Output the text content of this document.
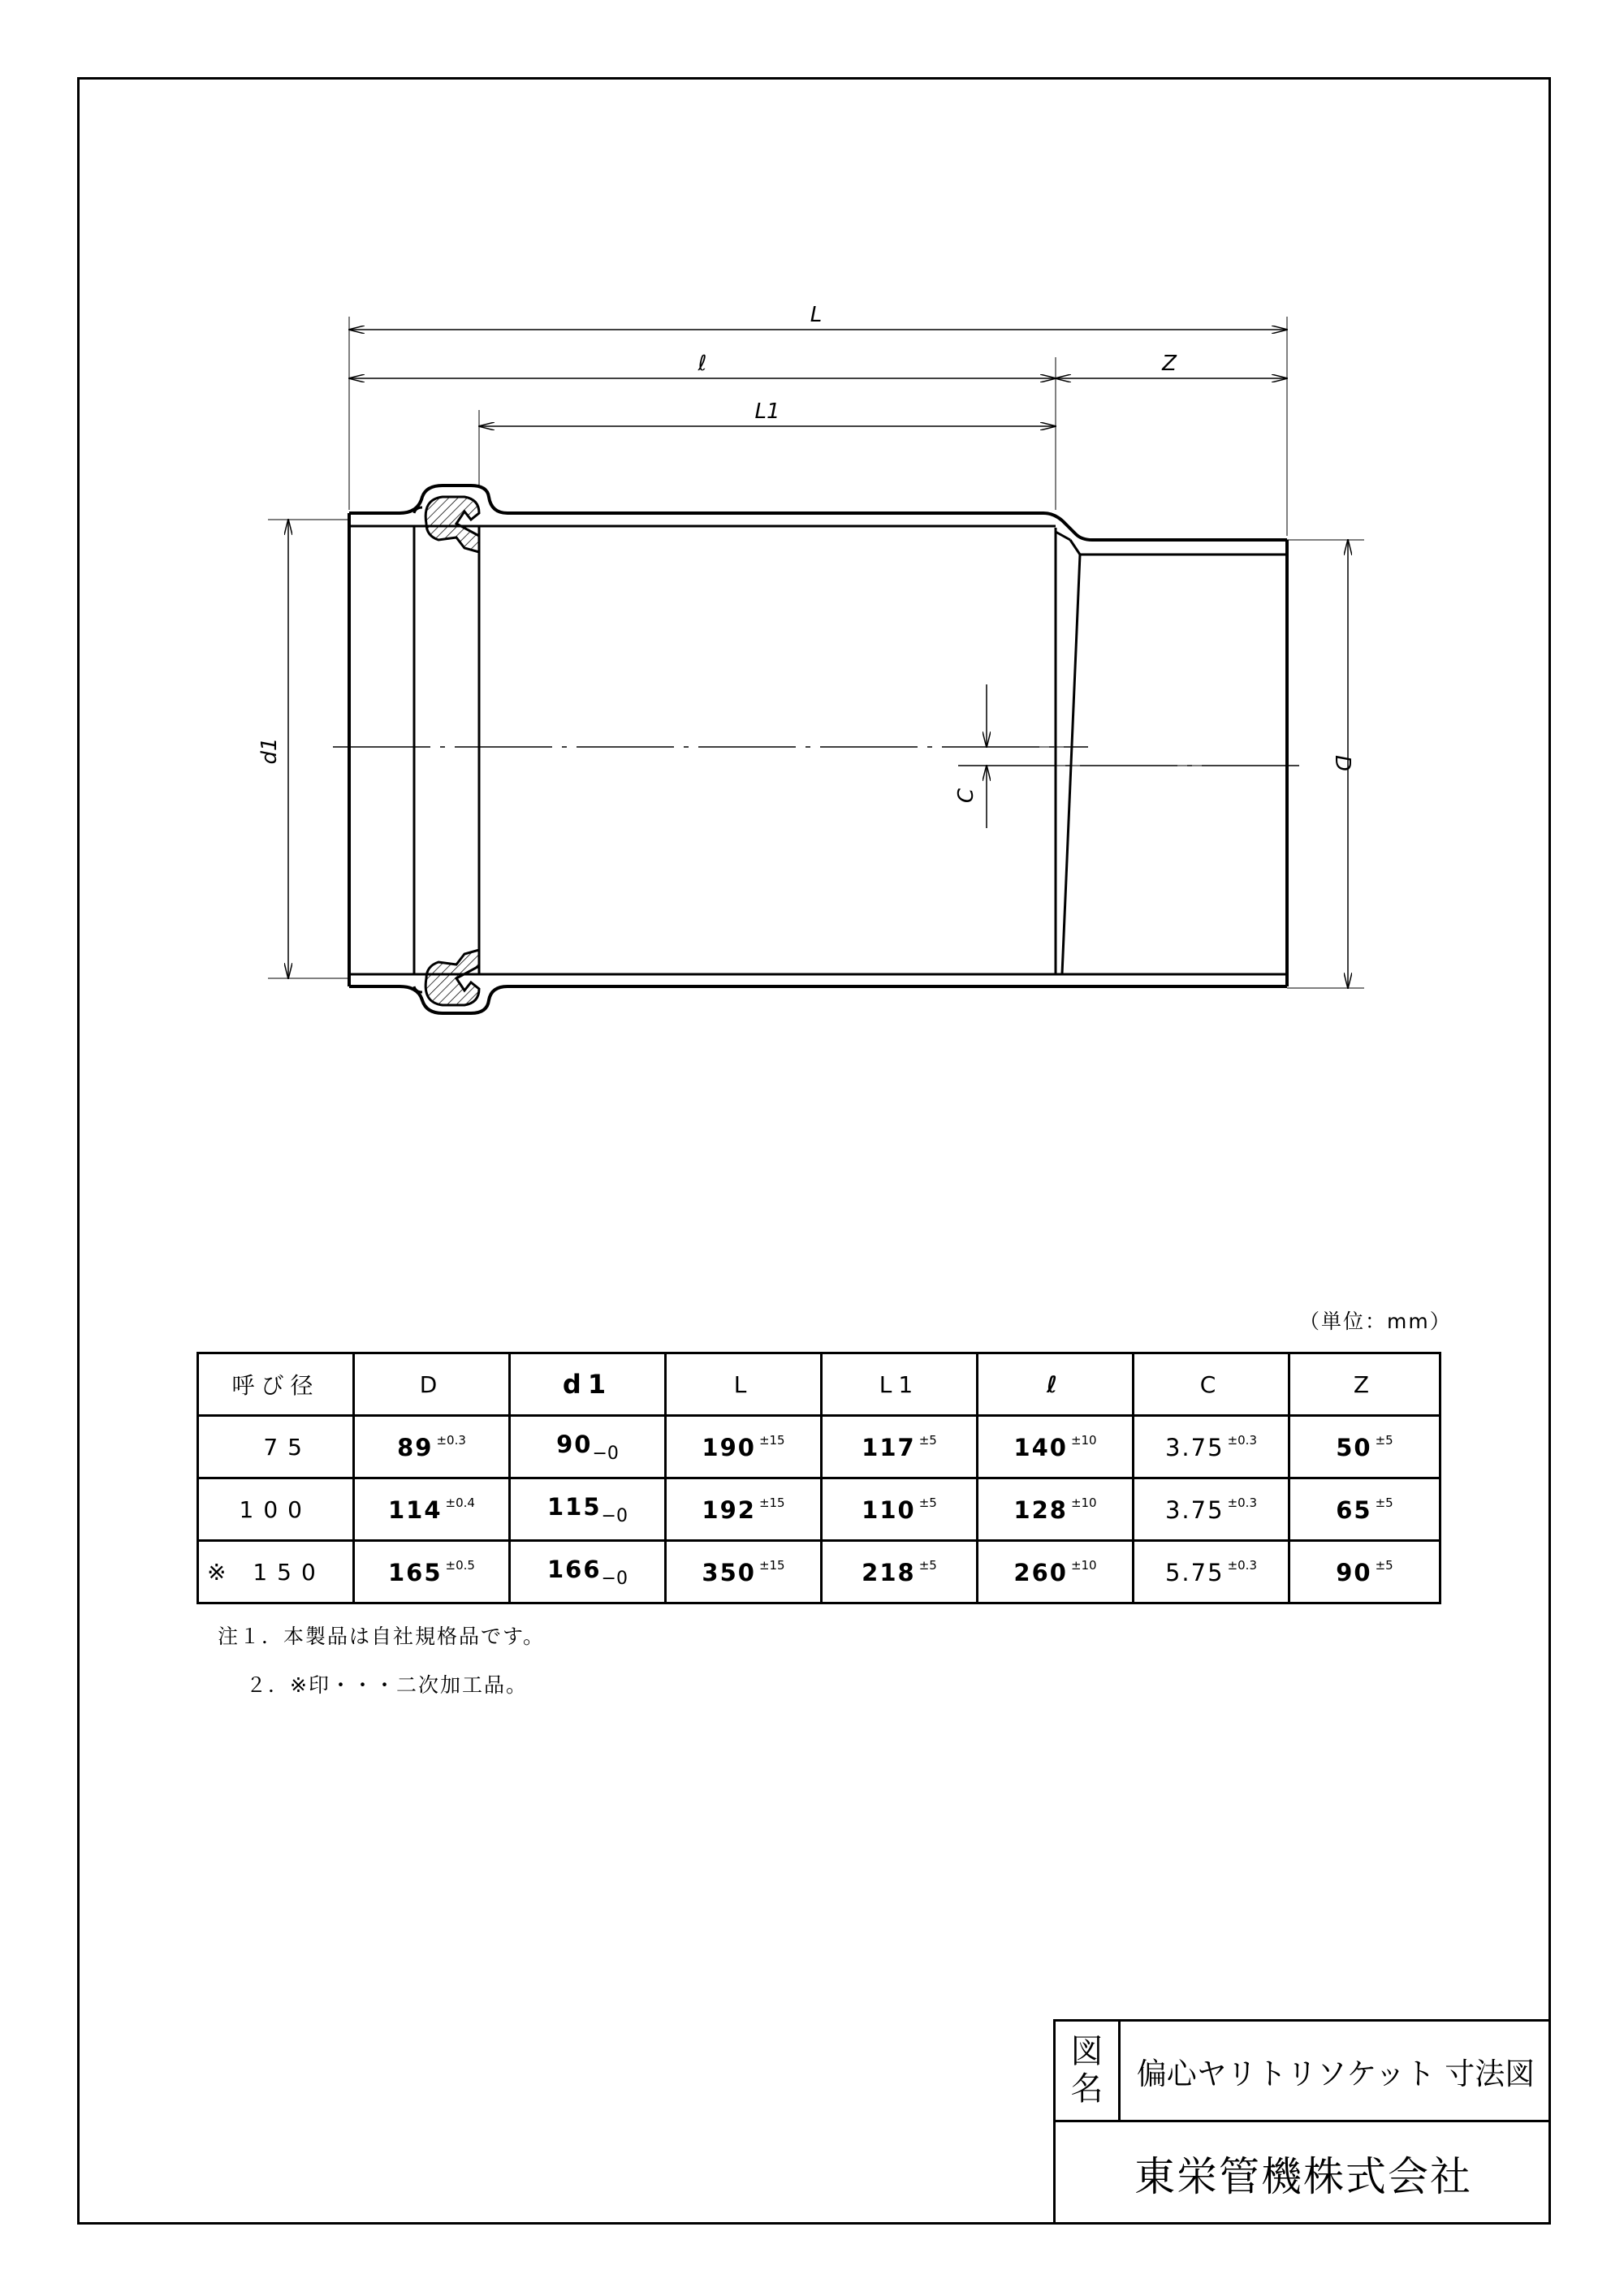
L
ℓ	Z
L1
d1	D
C
（単位：mm）
呼び径	D	d1	L	L1	ℓ	C	Z
75	89 $^{\pm 0.3}$	$90_{-0}$	190 $^{\pm 15}$	117 $^{\pm 5}$	140 $^{\pm 10}$	3.75 $^{\pm 0.3}$	50 $^{\pm 5}$
100	114 $^{\pm 0.4}$	$115_{-0}$	192 $^{\pm 15}$	110 $^{\pm 5}$	128 $^{\pm 10}$	3.75 $^{\pm 0.3}$	65 $^{\pm 5}$
※ 150	165 $^{\pm 0.5}$	$166_{-0}$	350 $^{\pm 15}$	218 $^{\pm 5}$	260 $^{\pm 10}$	5.75 $^{\pm 0.3}$	90 $^{\pm 5}$
注１．本製品は自社規格品です。
２．※印・・・二次加工品。
図名	偏心ヤリトリソケット 寸法図
東栄管機株式会社
